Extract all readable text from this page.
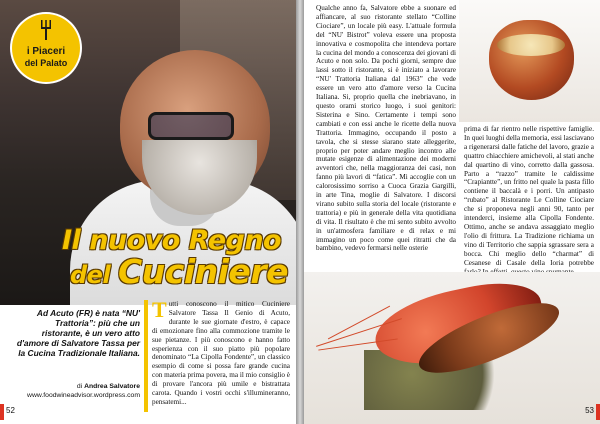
i Piaceri
del Palato
Il nuovo Regno
del Cuciniere
Ad Acuto (FR) è nata “NU' Trattoria”: più che un ristorante, è un vero atto d'amore di Salvatore Tassa per la Cucina Tradizionale Italiana.
di Andrea Salvatore
www.foodwineadvisor.wordpress.com
Tutti conoscono il mitico Cuciniere Salvatore Tassa Il Genio di Acuto, durante le sue giornate d'estro, è capace di emozionare fino alla commozione tramite le sue pietanze. I più conoscono e hanno fatto esperienza con il suo piatto più popolare denominato “La Cipolla Fondente”, un classico esempio di come si possa fare grande cucina con materia prima povera, ma il mio consiglio è di provare l'ancora più umile e bistrattata carota. Quando i vostri occhi s'illumineranno, pensatemi...
52
Qualche anno fa, Salvatore ebbe a suonare ed affiancare, al suo ristorante stellato “Colline Ciociare”, un locale più easy. L'attuale formula del “NU' Bistrot” voleva essere una proposta innovativa e cosmopolita che intendeva portare la cucina del mondo a conoscenza dei giovani di Acuto e non solo. Da pochi giorni, sempre due lassi sotto il ristorante, si è iniziato a lavorare “NU' Trattoria Italiana dal 1963” che vede essere un vero atto d'amore verso la Cucina Italiana. Si, proprio quella che inebriavano, in questo orami storico luogo, i suoi genitori: Sisterina e Sino. Certamente i tempi sono cambiati e con essi anche le ricette della nuova Trattoria. Immagino, occupando il posto a tavola, che si stesse siarano state alleggerite, proprio per poter andare meglio incontro alle mutate esigenze di alimentazione dei moderni avventori che, nella maggioranza dei casi, non fanno più lavori di “fatica”. Mi accoglie con un calorosissimo sorriso a Cuoca Grazia Gargilli, in arte Tina, moglie di Salvatore. I discorsi virano subito sulla storia del locale (ristorante e trattoria) e più in generale della vita quotidiana di vita. Il risultato è che mi sento subito avvolto in un'atmosfera familiare e di relax e mi immagino un poco come quei ritratti che da bambino, vedevo fermarsi nelle osterie
prima di far rientro nelle rispettive famiglie. In quei luoghi della memoria, essi lasciavano a rigenerarsi dalle fatiche del lavoro, grazie a quattro chiacchiere amichevoli, al stati anche dal quartino di vino, corretto dalla gassosa. Parto a “razzo” tramite le caldissime “Crapiantte”, un fritto nel quale la pasta fillo contiene il baccalà e i porri. Un antipasto “rubato” al Ristorante Le Colline Ciociare che si proponeva negli anni 90, tanto per intenderci, insieme alla Cipolla Fondente. Ottimo, anche se andava assaggiato meglio l'olio di frittura. La Tradizione richiama un vino di Territorio che sappia sgrassare sera a bocca. Chi meglio dello “charmat” di Cesanese di Casale della Ioria potrebbe
53
